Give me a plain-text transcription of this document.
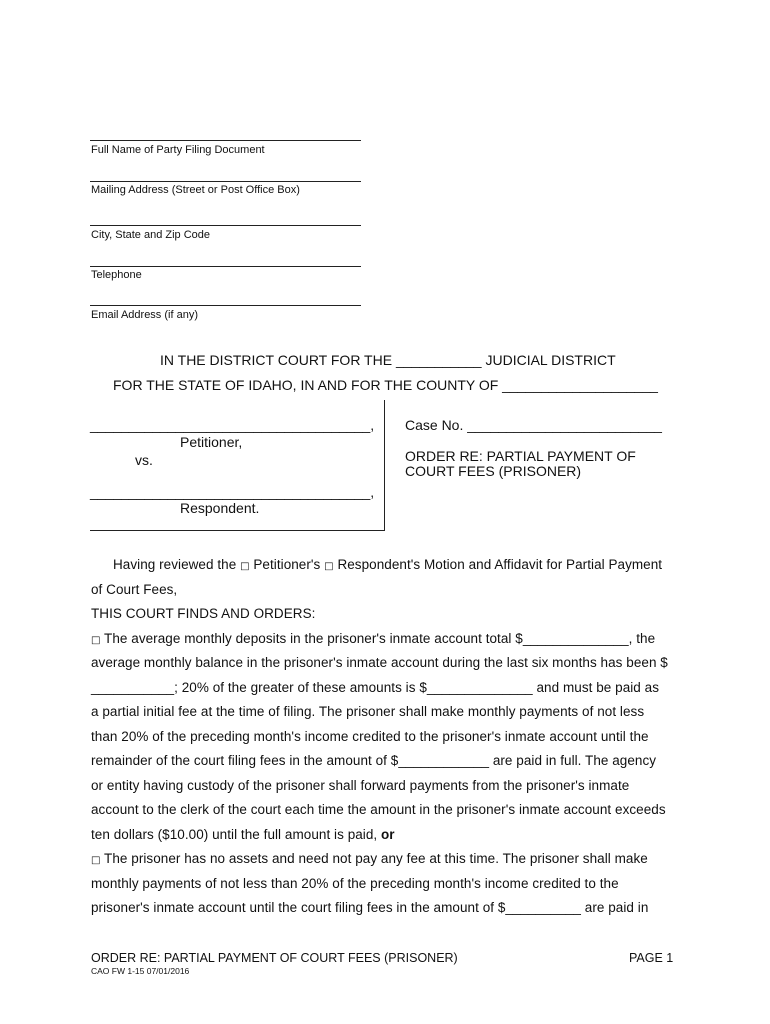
Full Name of Party Filing Document
Mailing Address (Street or Post Office Box)
City, State and Zip Code
Telephone
Email Address (if any)
IN THE DISTRICT COURT FOR THE ___________ JUDICIAL DISTRICT
FOR THE STATE OF IDAHO, IN AND FOR THE COUNTY OF ____________________
____________________________________,
Petitioner,
vs.
____________________________________,
Respondent.
Case No. _________________________
ORDER RE: PARTIAL PAYMENT OF
COURT FEES (PRISONER)
Having reviewed the □ Petitioner's □ Respondent's Motion and Affidavit for Partial Payment
of Court Fees,
THIS COURT FINDS AND ORDERS:
□ The average monthly deposits in the prisoner's inmate account total $______________, the
average monthly balance in the prisoner's inmate account during the last six months has been $
___________; 20% of the greater of these amounts is $______________ and must be paid as
a partial initial fee at the time of filing. The prisoner shall make monthly payments of not less
than 20% of the preceding month's income credited to the prisoner's inmate account until the
remainder of the court filing fees in the amount of $____________ are paid in full. The agency
or entity having custody of the prisoner shall forward payments from the prisoner's inmate
account to the clerk of the court each time the amount in the prisoner's inmate account exceeds
ten dollars ($10.00) until the full amount is paid, or
□ The prisoner has no assets and need not pay any fee at this time. The prisoner shall make
monthly payments of not less than 20% of the preceding month's income credited to the
prisoner's inmate account until the court filing fees in the amount of $__________ are paid in
ORDER RE: PARTIAL PAYMENT OF COURT FEES (PRISONER)	PAGE 1
CAO FW 1-15 07/01/2016
